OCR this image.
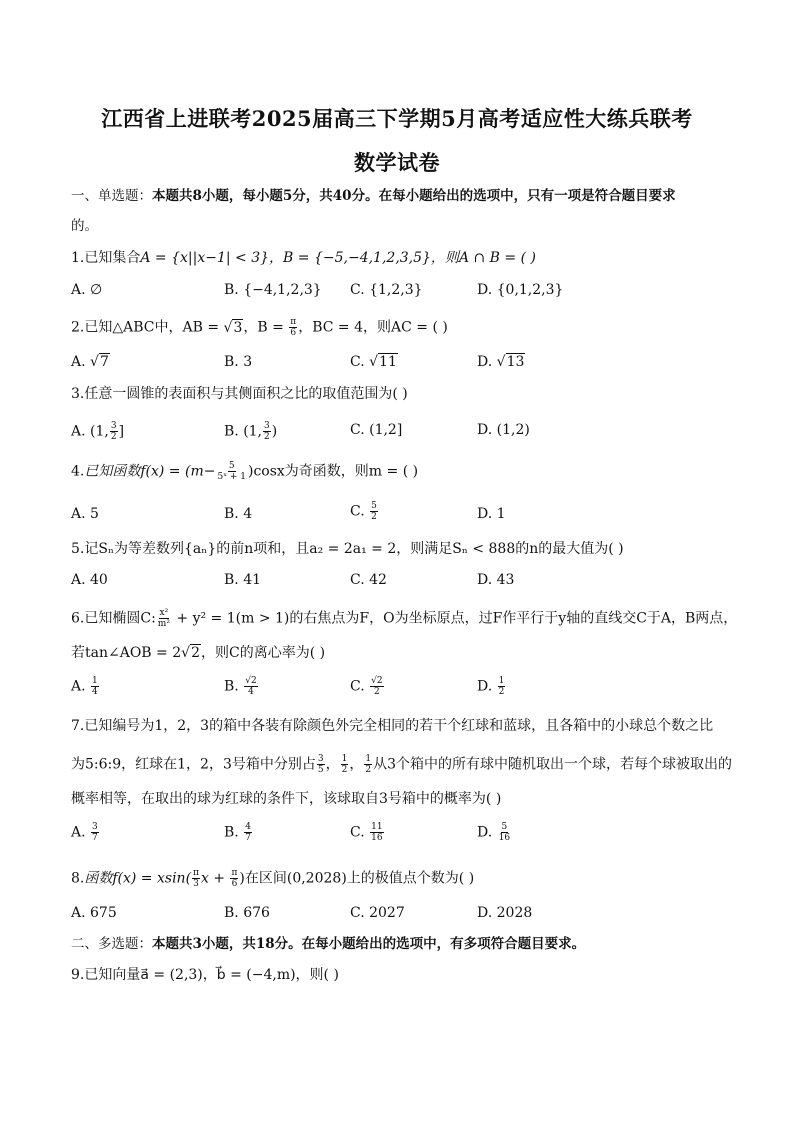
江西省上进联考2025届高三下学期5月高考适应性大练兵联考
数学试卷
一、单选题：本题共8小题，每小题5分，共40分。在每小题给出的选项中，只有一项是符合题目要求
的。
1.已知集合A = {x||x−1| < 3}，B = {−5,−4,1,2,3,5}，则A ∩ B = ( )
A. ∅	B. {−4,1,2,3} C. {1,2,3}	D. {0,1,2,3}
2.已知△ABC中，AB = √3，$B = \frac{\pi}{6}$ ，BC = 4，则AC = ( )
A. √7	B. 3	C. √11	D. √13
3.任意一圆锥的表面积与其侧面积之比的取值范围为( )
A. (1, $\frac{3}{2}$ ]	B. (1, $\frac{3}{2}$ )	C. (1,2]	D. (1,2)
4.已知函数$f(x) = (m- \frac{5}{\text{5ˣ + 1}} )\cos x$为奇函数，则m = ( )
A. 5	B. 4	C. $\frac{5}{2}$	D. 1
5.记Sₙ为等差数列{aₙ}的前n项和，且a₂ = 2a₁ = 2，则满足Sₙ < 888的n的最大值为( )
A. 40	B. 41	C. 42	D. 43
6.已知椭圆C: $\frac{\text{x²}}{\text{m²}} + y^2 = 1(m > 1)$的右焦点为F，O为坐标原点，过F作平行于y轴的直线交C于A，B两点，
若tan∠AOB = 2√2，则C的离心率为( )
A. $\frac{1}{4}$	B. $\frac{√2}{4}$	C. $\frac{√2}{2}$	D. $\frac{1}{2}$
7.已知编号为1，2，3的箱中各装有除颜色外完全相同的若干个红球和蓝球，且各箱中的小球总个数之比
为5:6:9，红球在1，2，3号箱中分别占 $\frac{3}{5}$ ， $\frac{1}{2}$ ， $\frac{1}{2}$ 从3个箱中的所有球中随机取出一个球，若每个球被取出的
概率相等，在取出的球为红球的条件下，该球取自3号箱中的概率为( )
A. $\frac{3}{7}$	B. $\frac{4}{7}$	C. $\frac{11}{16}$	D. $\frac{5}{16}$
8.函数$f(x) = xsin( \frac{\pi}{3}$ $x + \frac{\pi}{6}$ )在区间(0,2028)上的极值点个数为( )
A. 675	B. 676	C. 2027	D. 2028
二、多选题：本题共3小题，共18分。在每小题给出的选项中，有多项符合题目要求。
9.已知向量a⃗ = (2,3)，b⃗ = (−4,m)，则( )
